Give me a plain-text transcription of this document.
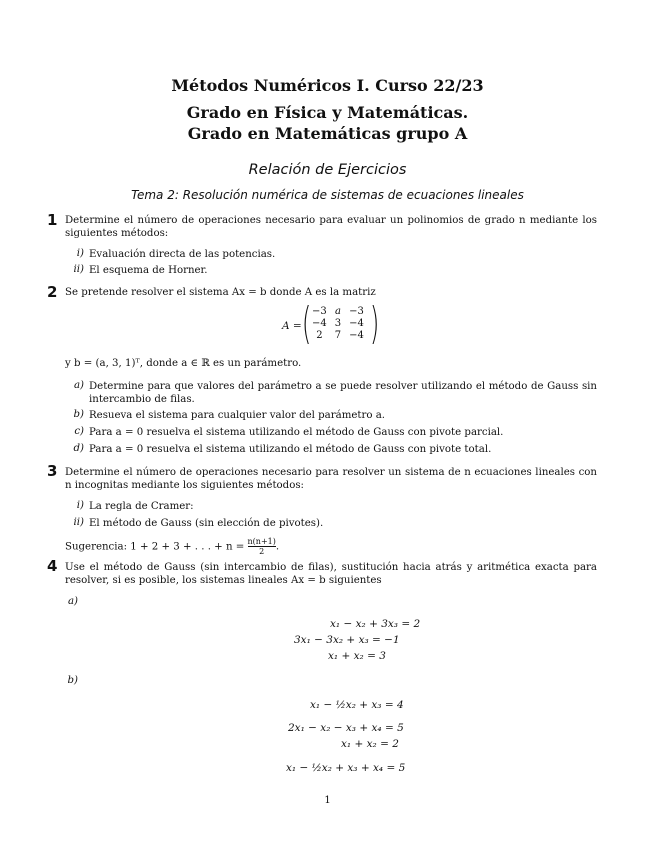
Métodos Numéricos I. Curso 22/23
Grado en Física y Matemáticas.
Grado en Matemáticas grupo A
Relación de Ejercicios
Tema 2: Resolución numérica de sistemas de ecuaciones lineales
1 Determine el número de operaciones necesario para evaluar un polinomios de grado n mediante los siguientes métodos:
i) Evaluación directa de las potencias.
ii) El esquema de Horner.
2 Se pretende resolver el sistema Ax = b donde A es la matriz
A = ( −3	a	−3
−4	3	−4
2	7	−4 )
y b = (a, 3, 1)ᵀ, donde a ∈ ℝ es un parámetro.
a) Determine para que valores del parámetro a se puede resolver utilizando el método de Gauss sin intercambio de filas.
b) Resueva el sistema para cualquier valor del parámetro a.
c) Para a = 0 resuelva el sistema utilizando el método de Gauss con pivote parcial.
d) Para a = 0 resuelva el sistema utilizando el método de Gauss con pivote total.
3 Determine el número de operaciones necesario para resolver un sistema de n ecuaciones lineales con n incognitas mediante los siguientes métodos:
i) La regla de Cramer:
ii) El método de Gauss (sin elección de pivotes).
Sugerencia: 1 + 2 + 3 + . . . + $n = \frac{n(n+1)}{2}$ .
4 Use el método de Gauss (sin intercambio de filas), sustitución hacia atrás y aritmética exacta para resolver, si es posible, los sistemas lineales Ax = b siguientes
a)
x₁ − x₂ + 3x₃ = 2
3x₁ − 3x₂ + x₃ = −1
x₁ + x₂ = 3
b)
x₁ − ½x₂ + x₃ = 4
2x₁ − x₂ − x₃ + x₄ = 5
x₁ + x₂ = 2
x₁ − ½x₂ + x₃ + x₄ = 5
1
